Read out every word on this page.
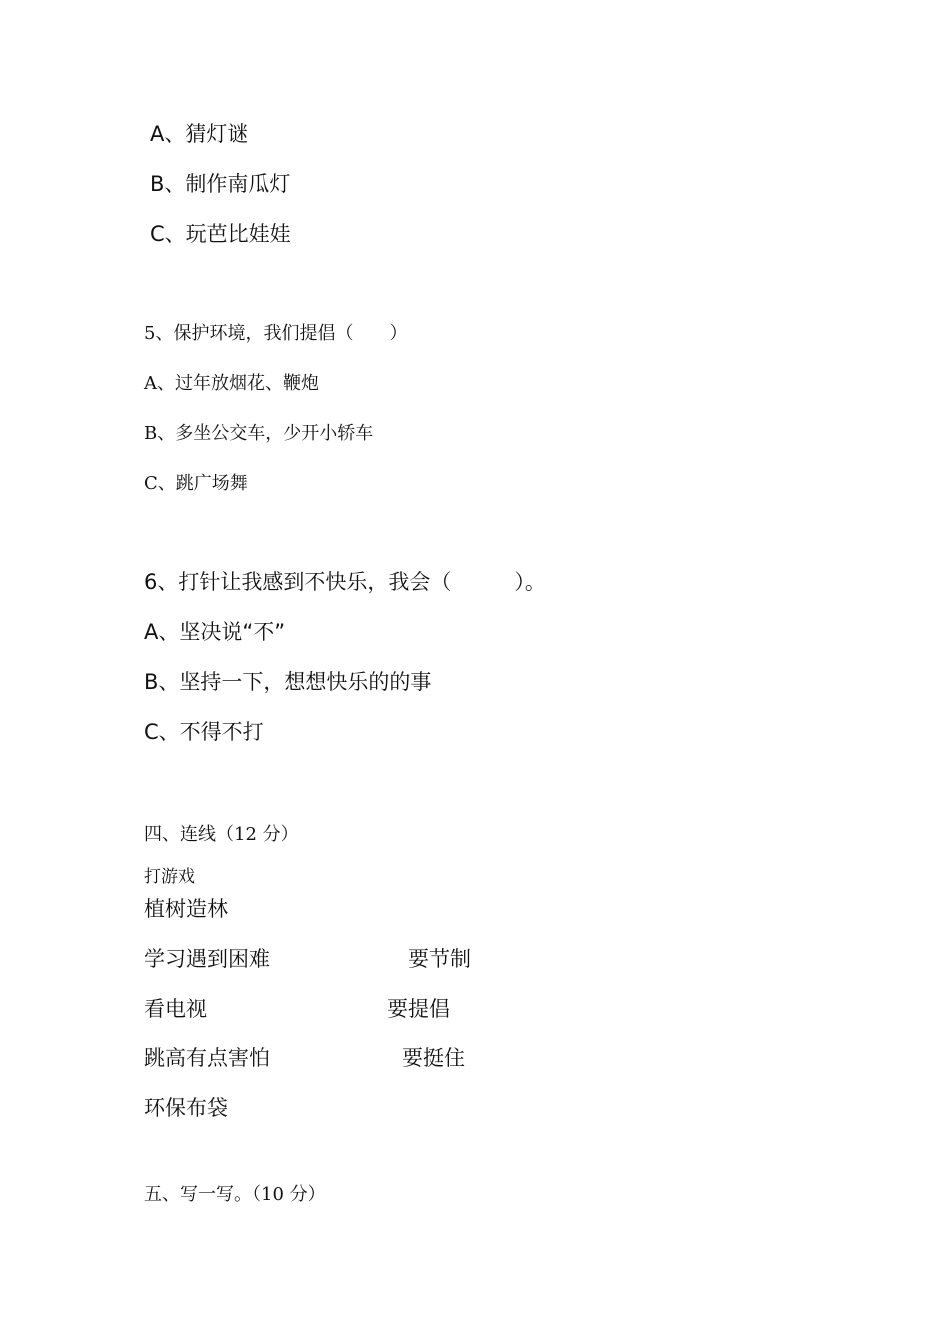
A、猜灯谜
B、制作南瓜灯
C、玩芭比娃娃
5、保护环境，我们提倡（　　）
A、过年放烟花、鞭炮
B、多坐公交车，少开小轿车
C、跳广场舞
6、打针让我感到不快乐，我会（　　　）。
A、坚决说“不”
B、坚持一下，想想快乐的的事
C、不得不打
四、连线（12 分）
打游戏
植树造林
学习遇到困难
看电视
跳高有点害怕
环保布袋
要节制
要提倡
要挺住
五、写一写。（10 分）
